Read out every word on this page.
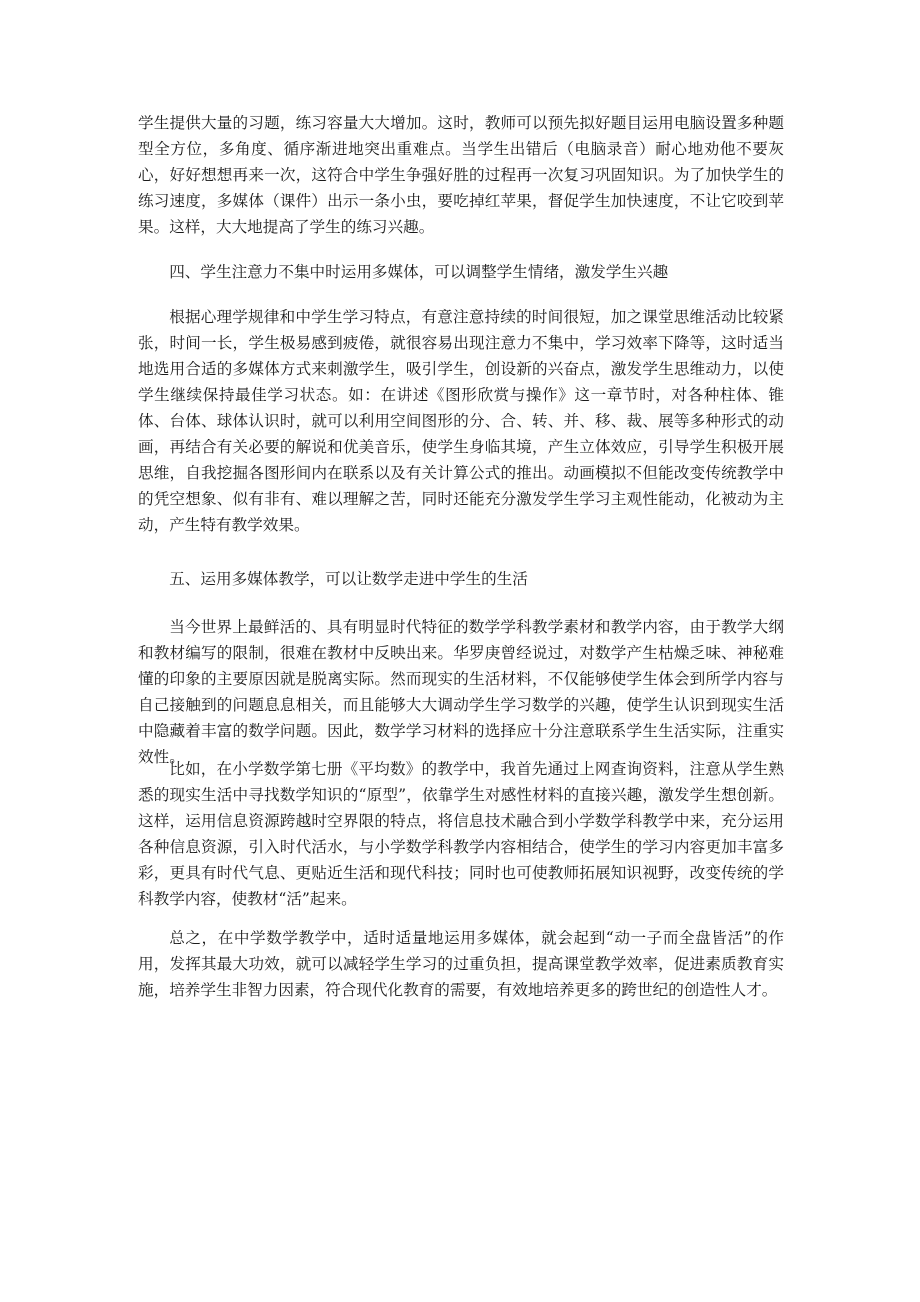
学生提供大量的习题，练习容量大大增加。这时，教师可以预先拟好题目运用电脑设置多种题型全方位，多角度、循序渐进地突出重难点。当学生出错后（电脑录音）耐心地劝他不要灰心，好好想想再来一次，这符合中学生争强好胜的过程再一次复习巩固知识。为了加快学生的练习速度，多媒体（课件）出示一条小虫，要吃掉红苹果，督促学生加快速度，不让它咬到苹果。这样，大大地提高了学生的练习兴趣。

四、学生注意力不集中时运用多媒体，可以调整学生情绪，激发学生兴趣

根据心理学规律和中学生学习特点，有意注意持续的时间很短，加之课堂思维活动比较紧张，时间一长，学生极易感到疲倦，就很容易出现注意力不集中，学习效率下降等，这时适当地选用合适的多媒体方式来刺激学生，吸引学生，创设新的兴奋点，激发学生思维动力，以使学生继续保持最佳学习状态。如：在讲述《图形欣赏与操作》这一章节时，对各种柱体、锥体、台体、球体认识时，就可以利用空间图形的分、合、转、并、移、裁、展等多种形式的动画，再结合有关必要的解说和优美音乐，使学生身临其境，产生立体效应，引导学生积极开展思维，自我挖掘各图形间内在联系以及有关计算公式的推出。动画模拟不但能改变传统教学中的凭空想象、似有非有、难以理解之苦，同时还能充分激发学生学习主观性能动，化被动为主动，产生特有教学效果。

五、运用多媒体教学，可以让数学走进中学生的生活

当今世界上最鲜活的、具有明显时代特征的数学学科教学素材和教学内容，由于教学大纲和教材编写的限制，很难在教材中反映出来。华罗庚曾经说过，对数学产生枯燥乏味、神秘难懂的印象的主要原因就是脱离实际。然而现实的生活材料，不仅能够使学生体会到所学内容与自己接触到的问题息息相关，而且能够大大调动学生学习数学的兴趣，使学生认识到现实生活中隐藏着丰富的数学问题。因此，数学学习材料的选择应十分注意联系学生生活实际，注重实效性。

比如，在小学数学第七册《平均数》的教学中，我首先通过上网查询资料，注意从学生熟悉的现实生活中寻找数学知识的“原型”，依靠学生对感性材料的直接兴趣，激发学生想创新。这样，运用信息资源跨越时空界限的特点，将信息技术融合到小学数学科教学中来，充分运用各种信息资源，引入时代活水，与小学数学科教学内容相结合，使学生的学习内容更加丰富多彩，更具有时代气息、更贴近生活和现代科技；同时也可使教师拓展知识视野，改变传统的学科教学内容，使教材“活”起来。

总之，在中学数学教学中，适时适量地运用多媒体，就会起到“动一子而全盘皆活”的作用，发挥其最大功效，就可以减轻学生学习的过重负担，提高课堂教学效率，促进素质教育实施，培养学生非智力因素，符合现代化教育的需要，有效地培养更多的跨世纪的创造性人才。
